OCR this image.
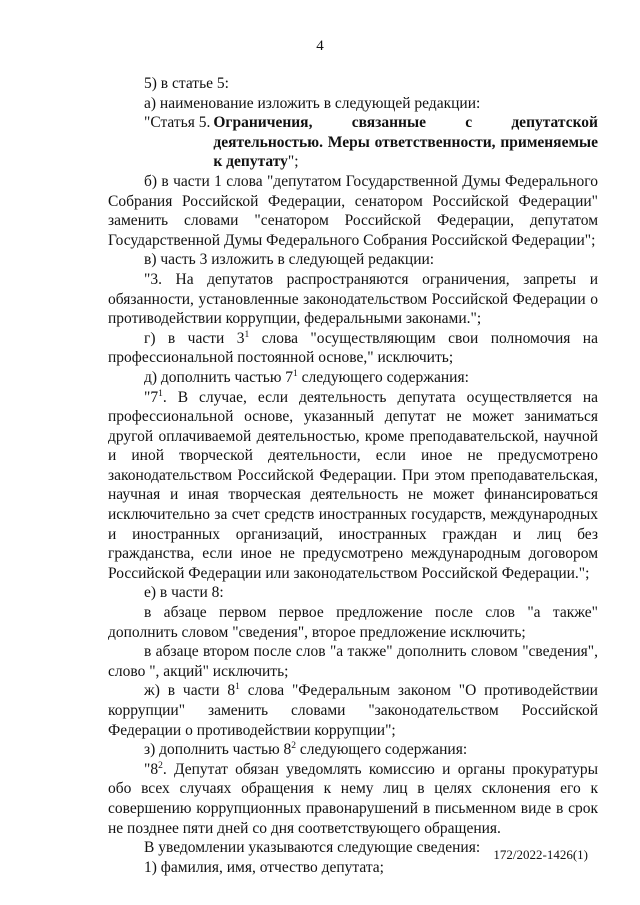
4

5) в статье 5:

а) наименование изложить в следующей редакции:

"Статья 5. Ограничения, связанные с депутатской деятельностью. Меры ответственности, применяемые к депутату";

б) в части 1 слова "депутатом Государственной Думы Федерального Собрания Российской Федерации, сенатором Российской Федерации" заменить словами "сенатором Российской Федерации, депутатом Государственной Думы Федерального Собрания Российской Федерации";

в) часть 3 изложить в следующей редакции:

"3. На депутатов распространяются ограничения, запреты и обязанности, установленные законодательством Российской Федерации о противодействии коррупции, федеральными законами.";

г) в части $3^1$ слова "осуществляющим свои полномочия на профессиональной постоянной основе," исключить;

д) дополнить частью $7^1$ следующего содержания:

"$7^1$. В случае, если деятельность депутата осуществляется на профессиональной основе, указанный депутат не может заниматься другой оплачиваемой деятельностью, кроме преподавательской, научной и иной творческой деятельности, если иное не предусмотрено законодательством Российской Федерации. При этом преподавательская, научная и иная творческая деятельность не может финансироваться исключительно за счет средств иностранных государств, международных и иностранных организаций, иностранных граждан и лиц без гражданства, если иное не предусмотрено международным договором Российской Федерации или законодательством Российской Федерации.";

е) в части 8:

в абзаце первом первое предложение после слов "а также" дополнить словом "сведения", второе предложение исключить;

в абзаце втором после слов "а также" дополнить словом "сведения", слово ", акций" исключить;

ж) в части $8^1$ слова "Федеральным законом "О противодействии коррупции" заменить словами "законодательством Российской Федерации о противодействии коррупции";

з) дополнить частью $8^2$ следующего содержания:

"$8^2$. Депутат обязан уведомлять комиссию и органы прокуратуры обо всех случаях обращения к нему лиц в целях склонения его к совершению коррупционных правонарушений в письменном виде в срок не позднее пяти дней со дня соответствующего обращения.

В уведомлении указываются следующие сведения:

1) фамилия, имя, отчество депутата;

172/2022-1426(1)
